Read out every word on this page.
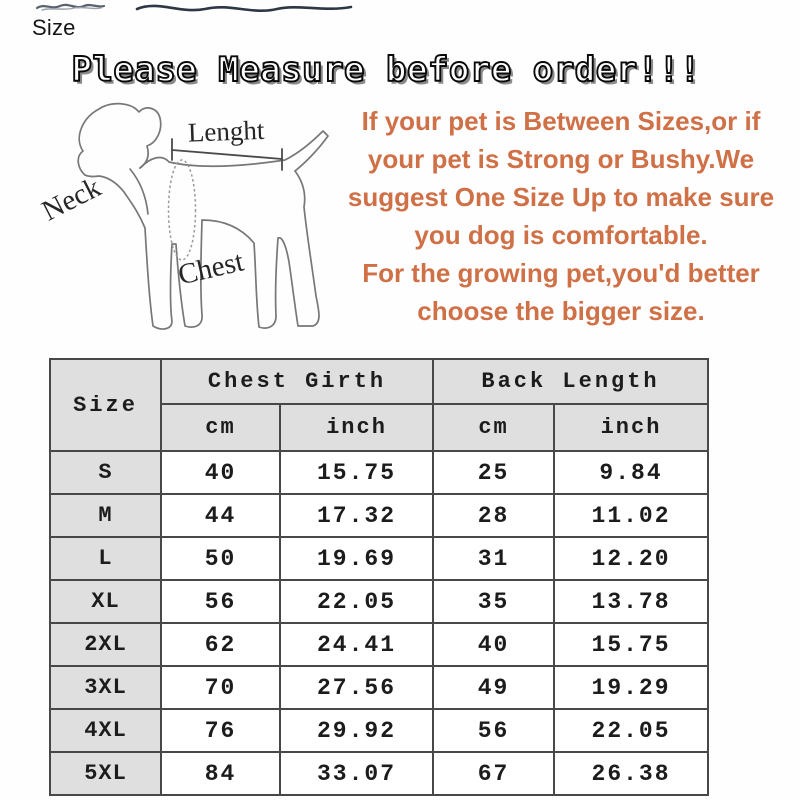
Size
Please Measure before order!!!
Lenght
Neck
Chest
If your pet is Between Sizes,or if
your pet is Strong or Bushy.We
suggest One Size Up to make sure
you dog is comfortable.
For the growing pet,you'd better
choose the bigger size.
Size	Chest Girth		Back Length	
	cm	inch	cm	inch
S	40	15.75	25	9.84
M	44	17.32	28	11.02
L	50	19.69	31	12.20
XL	56	22.05	35	13.78
2XL	62	24.41	40	15.75
3XL	70	27.56	49	19.29
4XL	76	29.92	56	22.05
5XL	84	33.07	67	26.38
